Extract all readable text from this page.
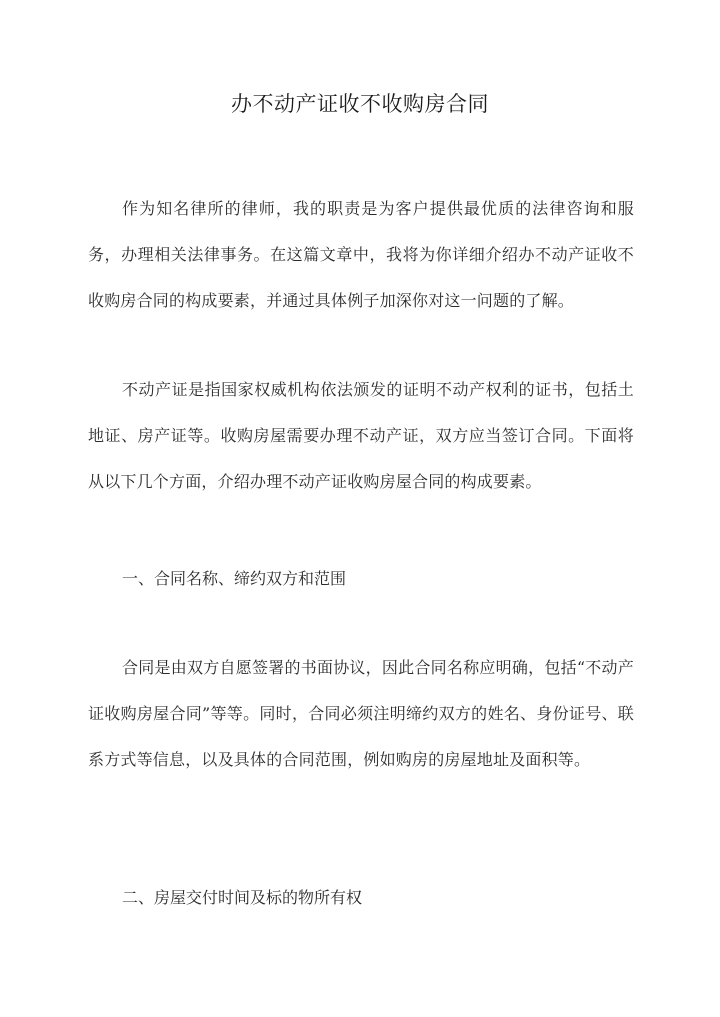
办不动产证收不收购房合同
作为知名律所的律师，我的职责是为客户提供最优质的法律咨询和服务，办理相关法律事务。在这篇文章中，我将为你详细介绍办不动产证收不收购房合同的构成要素，并通过具体例子加深你对这一问题的了解。
不动产证是指国家权威机构依法颁发的证明不动产权利的证书，包括土地证、房产证等。收购房屋需要办理不动产证，双方应当签订合同。下面将从以下几个方面，介绍办理不动产证收购房屋合同的构成要素。
一、合同名称、缔约双方和范围
合同是由双方自愿签署的书面协议，因此合同名称应明确，包括“不动产证收购房屋合同”等等。同时，合同必须注明缔约双方的姓名、身份证号、联系方式等信息，以及具体的合同范围，例如购房的房屋地址及面积等。
二、房屋交付时间及标的物所有权
